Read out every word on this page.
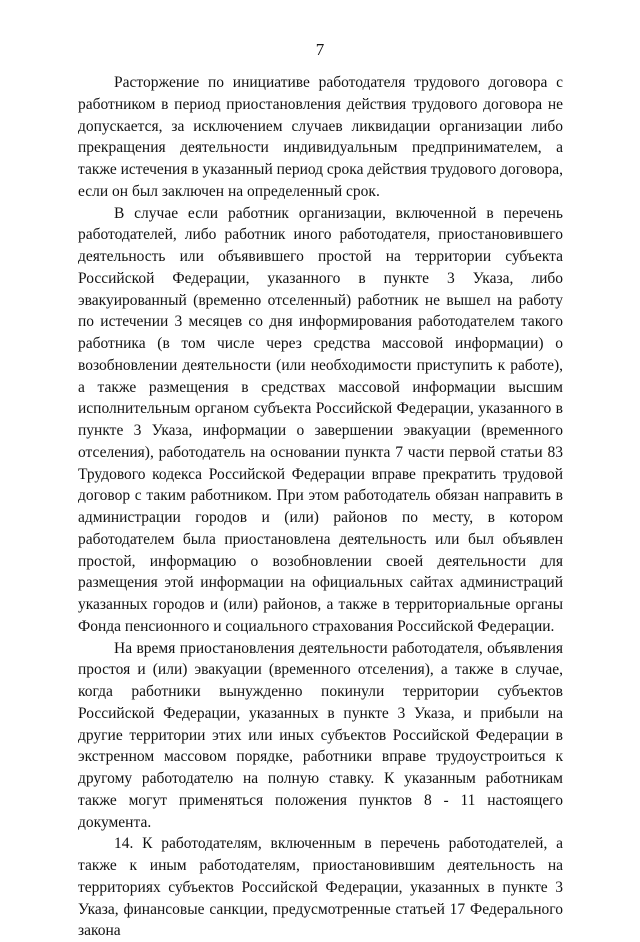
7

Расторжение по инициативе работодателя трудового договора с работником в период приостановления действия трудового договора не допускается, за исключением случаев ликвидации организации либо прекращения деятельности индивидуальным предпринимателем, а также истечения в указанный период срока действия трудового договора, если он был заключен на определенный срок.

В случае если работник организации, включенной в перечень работодателей, либо работник иного работодателя, приостановившего деятельность или объявившего простой на территории субъекта Российской Федерации, указанного в пункте 3 Указа, либо эвакуированный (временно отселенный) работник не вышел на работу по истечении 3 месяцев со дня информирования работодателем такого работника (в том числе через средства массовой информации) о возобновлении деятельности (или необходимости приступить к работе), а также размещения в средствах массовой информации высшим исполнительным органом субъекта Российской Федерации, указанного в пункте 3 Указа, информации о завершении эвакуации (временного отселения), работодатель на основании пункта 7 части первой статьи 83 Трудового кодекса Российской Федерации вправе прекратить трудовой договор с таким работником. При этом работодатель обязан направить в администрации городов и (или) районов по месту, в котором работодателем была приостановлена деятельность или был объявлен простой, информацию о возобновлении своей деятельности для размещения этой информации на официальных сайтах администраций указанных городов и (или) районов, а также в территориальные органы Фонда пенсионного и социального страхования Российской Федерации.

На время приостановления деятельности работодателя, объявления простоя и (или) эвакуации (временного отселения), а также в случае, когда работники вынужденно покинули территории субъектов Российской Федерации, указанных в пункте 3 Указа, и прибыли на другие территории этих или иных субъектов Российской Федерации в экстренном массовом порядке, работники вправе трудоустроиться к другому работодателю на полную ставку. К указанным работникам также могут применяться положения пунктов 8 - 11 настоящего документа.

14. К работодателям, включенным в перечень работодателей, а также к иным работодателям, приостановившим деятельность на территориях субъектов Российской Федерации, указанных в пункте 3 Указа, финансовые санкции, предусмотренные статьей 17 Федерального закона
